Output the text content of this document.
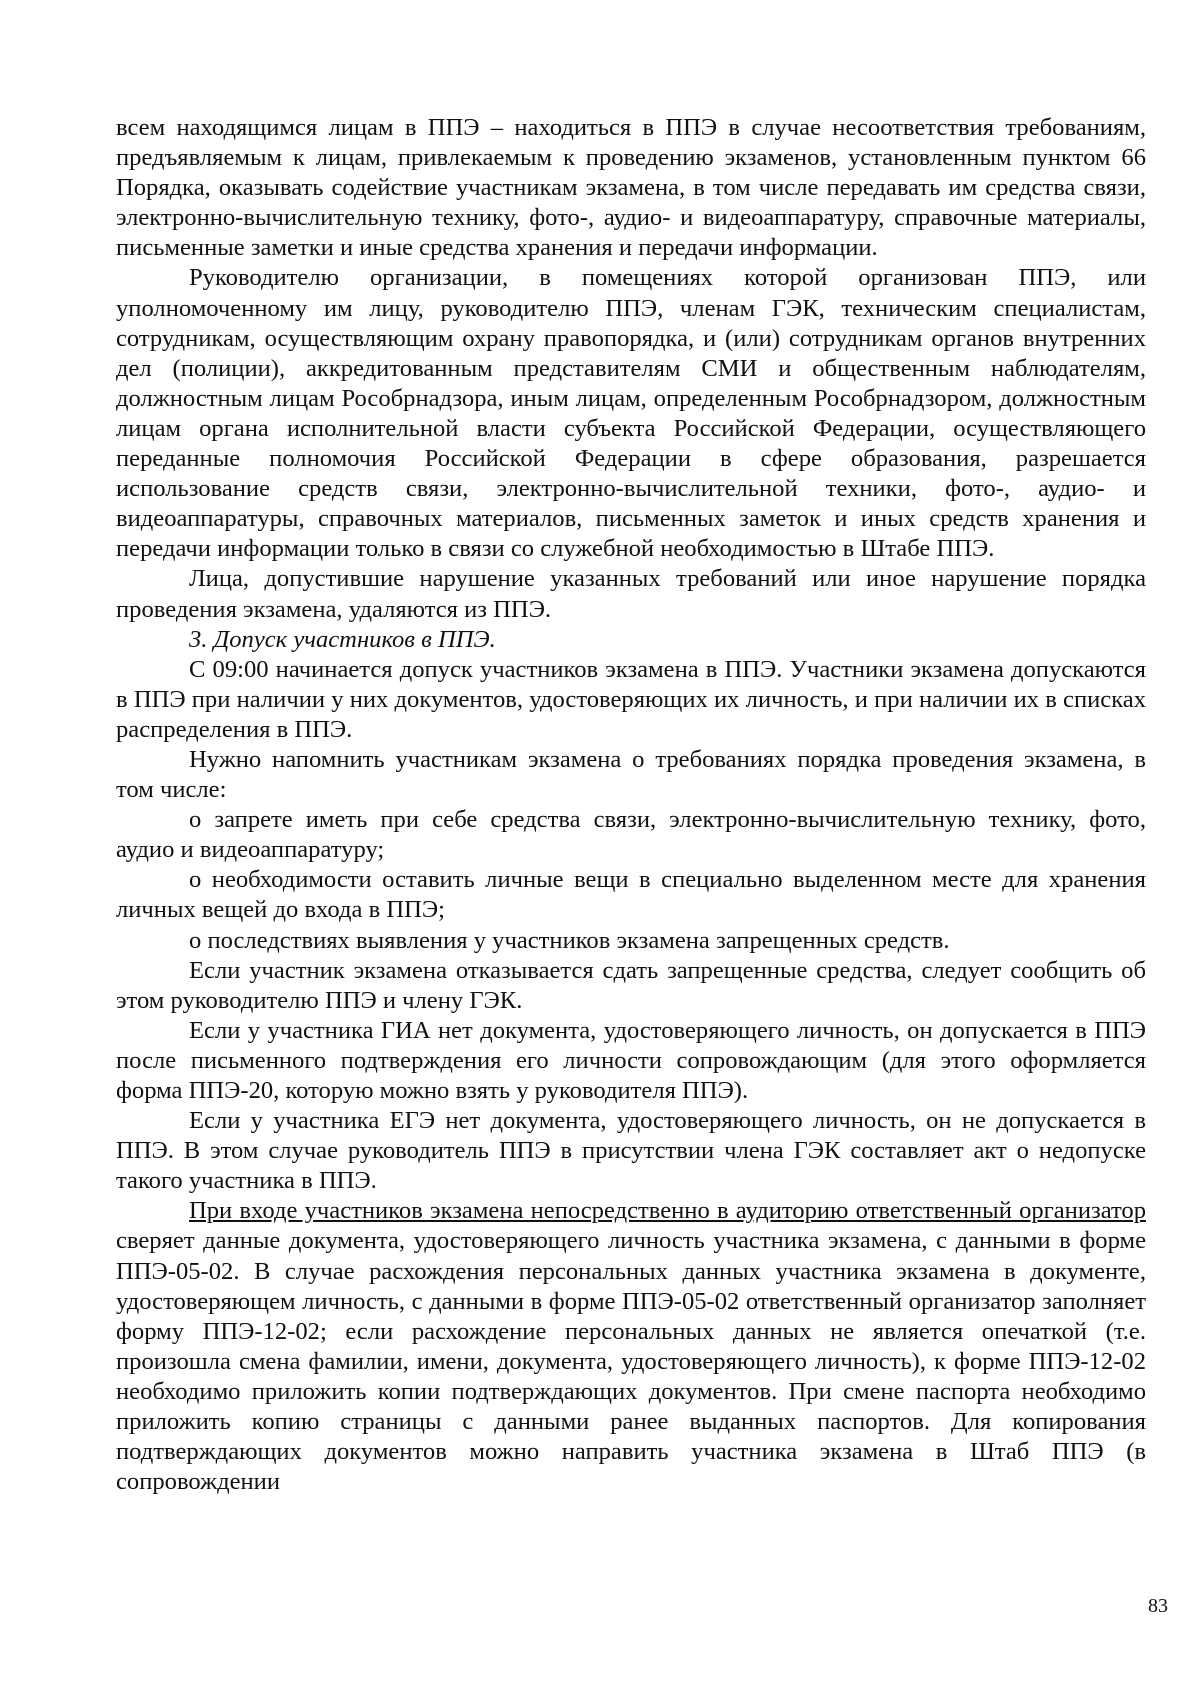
всем находящимся лицам в ППЭ – находиться в ППЭ в случае несоответствия требованиям, предъявляемым к лицам, привлекаемым к проведению экзаменов, установленным пунктом 66 Порядка, оказывать содействие участникам экзамена, в том числе передавать им средства связи, электронно-вычислительную технику, фото-, аудио- и видеоаппаратуру, справочные материалы, письменные заметки и иные средства хранения и передачи информации.

Руководителю организации, в помещениях которой организован ППЭ, или уполномоченному им лицу, руководителю ППЭ, членам ГЭК, техническим специалистам, сотрудникам, осуществляющим охрану правопорядка, и (или) сотрудникам органов внутренних дел (полиции), аккредитованным представителям СМИ и общественным наблюдателям, должностным лицам Рособрнадзора, иным лицам, определенным Рособрнадзором, должностным лицам органа исполнительной власти субъекта Российской Федерации, осуществляющего переданные полномочия Российской Федерации в сфере образования, разрешается использование средств связи, электронно-вычислительной техники, фото-, аудио- и видеоаппаратуры, справочных материалов, письменных заметок и иных средств хранения и передачи информации только в связи со служебной необходимостью в Штабе ППЭ.

Лица, допустившие нарушение указанных требований или иное нарушение порядка проведения экзамена, удаляются из ППЭ.

3. Допуск участников в ППЭ.

С 09:00 начинается допуск участников экзамена в ППЭ. Участники экзамена допускаются в ППЭ при наличии у них документов, удостоверяющих их личность, и при наличии их в списках распределения в ППЭ.

Нужно напомнить участникам экзамена о требованиях порядка проведения экзамена, в том числе:

о запрете иметь при себе средства связи, электронно-вычислительную технику, фото, аудио и видеоаппаратуру;

о необходимости оставить личные вещи в специально выделенном месте для хранения личных вещей до входа в ППЭ;

о последствиях выявления у участников экзамена запрещенных средств.

Если участник экзамена отказывается сдать запрещенные средства, следует сообщить об этом руководителю ППЭ и члену ГЭК.

Если у участника ГИА нет документа, удостоверяющего личность, он допускается в ППЭ после письменного подтверждения его личности сопровождающим (для этого оформляется форма ППЭ-20, которую можно взять у руководителя ППЭ).

Если у участника ЕГЭ нет документа, удостоверяющего личность, он не допускается в ППЭ. В этом случае руководитель ППЭ в присутствии члена ГЭК составляет акт о недопуске такого участника в ППЭ.

При входе участников экзамена непосредственно в аудиторию ответственный организатор сверяет данные документа, удостоверяющего личность участника экзамена, с данными в форме ППЭ-05-02. В случае расхождения персональных данных участника экзамена в документе, удостоверяющем личность, с данными в форме ППЭ-05-02 ответственный организатор заполняет форму ППЭ-12-02; если расхождение персональных данных не является опечаткой (т.е. произошла смена фамилии, имени, документа, удостоверяющего личность), к форме ППЭ-12-02 необходимо приложить копии подтверждающих документов. При смене паспорта необходимо приложить копию страницы с данными ранее выданных паспортов. Для копирования подтверждающих документов можно направить участника экзамена в Штаб ППЭ (в сопровождении

83
